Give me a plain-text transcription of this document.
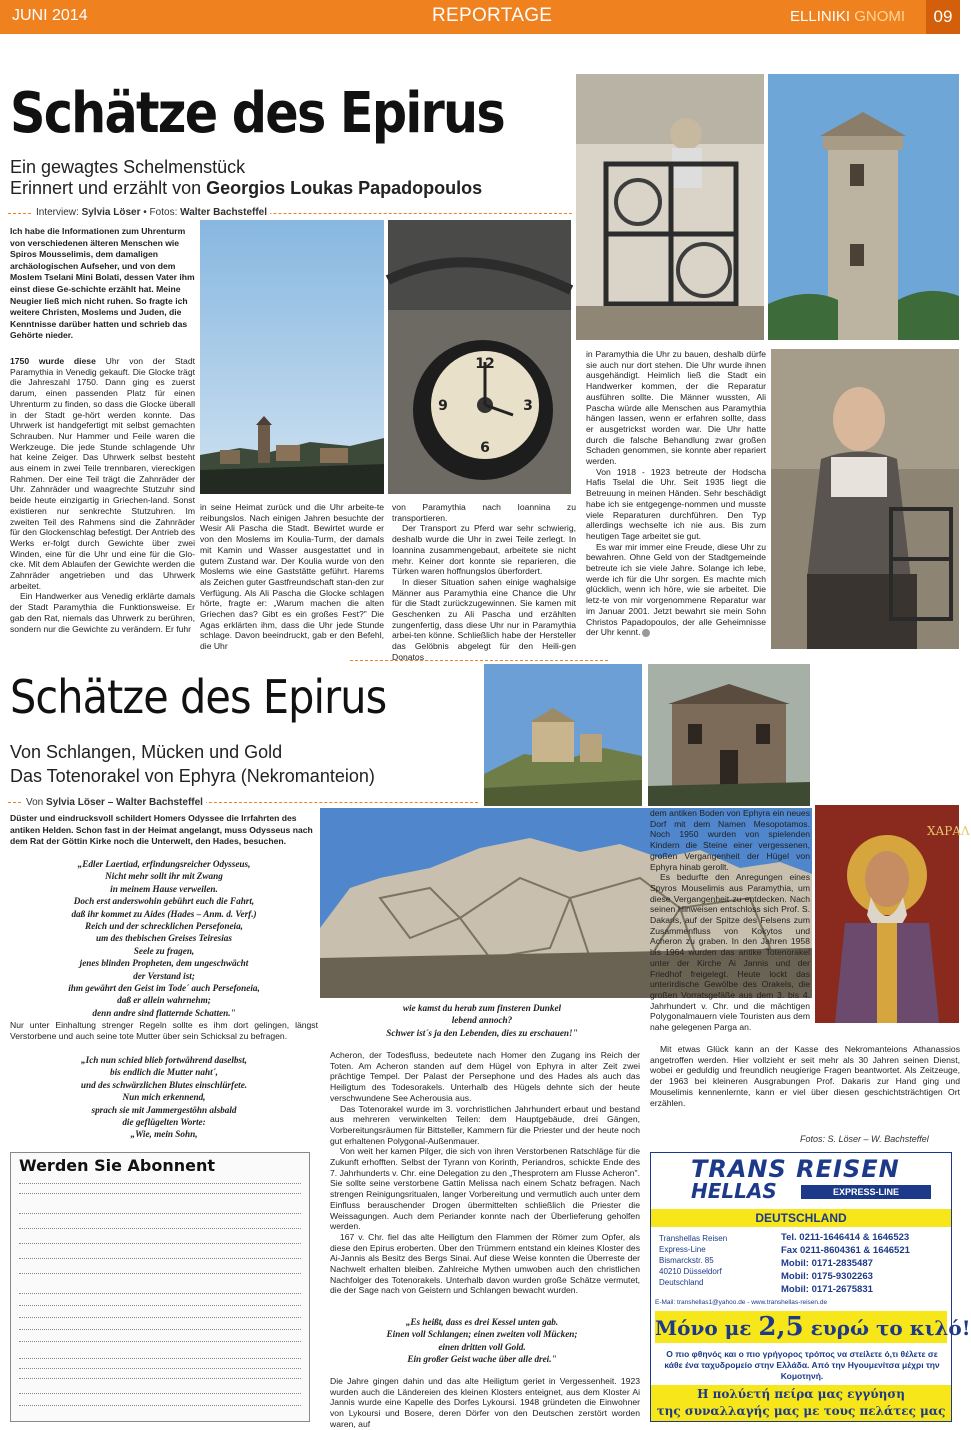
JUNI 2014	REPORTAGE	ELLINIKI GNOMI	09
Schätze des Epirus
Ein gewagtes Schelmenstück
Erinnert und erzählt von Georgios Loukas Papadopoulos
Interview: Sylvia Löser • Fotos: Walter Bachsteffel
Ich habe die Informationen zum Uhrenturm von verschiedenen älteren Menschen wie Spiros Mousselimis, dem damaligen archäologischen Aufseher, und von dem Moslem Tselani Mini Bolati, dessen Vater ihm einst diese Ge-schichte erzählt hat. Meine Neugier ließ mich nicht ruhen. So fragte ich weitere Christen, Moslems und Juden, die Kenntnisse darüber hatten und schrieb das Gehörte nieder.

1750 wurde diese Uhr von der Stadt Paramythia in Venedig gekauft. Die Glocke trägt die Jahreszahl 1750. Dann ging es zuerst darum, einen passenden Platz für einen Uhrenturm zu finden, so dass die Glocke überall in der Stadt ge-hört werden konnte. Das Uhrwerk ist handgefertigt mit selbst gemachten Schrauben. Nur Hammer und Feile waren die Werkzeuge. Die jede Stunde schlagende Uhr hat keine Zeiger. Das Uhrwerk selbst besteht aus einem in zwei Teile trennbaren, viereckigen Rahmen. Der eine Teil trägt die Zahnräder der Uhr. Zahnräder und waagrechte Stutzuhr sind beide heute einzigartig in Griechen-land. Sonst existieren nur senkrechte Stutzuhren. Im zweiten Teil des Rahmens sind die Zahnräder für den Glockenschlag befestigt. Der Antrieb des Werks er-folgt durch Gewichte über zwei Winden, eine für die Uhr und eine für die Glo-cke. Mit dem Ablaufen der Gewichte werden die Zahnräder angetrieben und das Uhrwerk arbeitet.

Ein Handwerker aus Venedig erklärte damals der Stadt Paramythia die Funktionsweise. Er gab den Rat, niemals das Uhrwerk zu berühren, sondern nur die Gewichte zu verändern. Er fuhr

12
3
6
9

in seine Heimat zurück und die Uhr arbeite-te reibungslos. Nach einigen Jahren besuchte der Wesir Ali Pascha die Stadt. Bewirtet wurde er von den Moslems im Koulia-Turm, der damals mit Kamin und Wasser ausgestattet und in gutem Zustand war. Der Koulia wurde von den Moslems wie eine Gaststätte geführt. Harems als Zeichen guter Gastfreundschaft stan-den zur Verfügung. Als Ali Pascha die Glocke schlagen hörte, fragte er: „Warum machen die alten Griechen das? Gibt es ein großes Fest?" Die Agas erklärten ihm, dass die Uhr jede Stunde schlage. Davon beeindruckt, gab er den Befehl, die Uhr

von Paramythia nach Ioannina zu transportieren.

Der Transport zu Pferd war sehr schwierig, deshalb wurde die Uhr in zwei Teile zerlegt. In Ioannina zusammengebaut, arbeitete sie nicht mehr. Keiner dort konnte sie reparieren, die Türken waren hoffnungslos überfordert.

In dieser Situation sahen einige waghalsige Männer aus Paramythia eine Chance die Uhr für die Stadt zurückzugewinnen. Sie kamen mit Geschenken zu Ali Pascha und erzählten zungenfertig, dass diese Uhr nur in Paramythia arbei-ten könne. Schließlich habe der Hersteller das Gelöbnis abgelegt für den Heili-gen Donatos

in Paramythia die Uhr zu bauen, deshalb dürfe sie auch nur dort stehen. Die Uhr wurde ihnen ausgehändigt. Heimlich ließ die Stadt ein Handwerker kommen, der die Reparatur ausführen sollte. Die Männer wussten, Ali Pascha würde alle Menschen aus Paramythia hängen lassen, wenn er erfahren sollte, dass er ausgetrickst worden war. Die Uhr hatte durch die falsche Behandlung zwar großen Schaden genommen, sie konnte aber repariert werden.

Von 1918 - 1923 betreute der Hodscha Hafis Tselal die Uhr. Seit 1935 liegt die Betreuung in meinen Händen. Sehr beschädigt habe ich sie entgegenge-nommen und musste viele Reparaturen durchführen. Den Typ allerdings wechselte ich nie aus. Bis zum heutigen Tage arbeitet sie gut.

Es war mir immer eine Freude, diese Uhr zu bewahren. Ohne Geld von der Stadtgemeinde betreute ich sie viele Jahre. Solange ich lebe, werde ich für die Uhr sorgen. Es machte mich glücklich, wenn ich höre, wie sie arbeitet. Die letz-te von mir vorgenommene Reparatur war im Januar 2001. Jetzt bewahrt sie mein Sohn Christos Papadopoulos, der alle Geheimnisse der Uhr kennt.

Schätze des Epirus
Von Schlangen, Mücken und Gold
Das Totenorakel von Ephyra (Nekromanteion)
Von Sylvia Löser – Walter Bachsteffel
Düster und eindrucksvoll schildert Homers Odyssee die Irrfahrten des antiken Helden. Schon fast in der Heimat angelangt, muss Odysseus nach dem Rat der Göttin Kirke noch die Unterwelt, den Hades, besuchen.
„Edler Laertiad, erfindungsreicher Odysseus,
Nicht mehr sollt ihr mit Zwang
in meinem Hause verweilen.
Doch erst anderswohin gebührt euch die Fahrt,
daß ihr kommet zu Aides (Hades – Anm. d. Verf.)
Reich und der schrecklichen Persefoneia,
um des thebischen Greises Teiresias
Seele zu fragen,
jenes blinden Propheten, dem ungeschwächt
der Verstand ist;
ihm gewährt den Geist im Tode´ auch Persefoneia,
daß er allein wahrnehm;
denn andre sind flatternde Schatten."

Nur unter Einhaltung strenger Regeln sollte es ihm dort gelingen, längst Verstorbene und auch seine tote Mutter über sein Schicksal zu befragen.

„Ich nun schied blieb fortwährend daselbst,
bis endlich die Mutter naht´,
und des schwärzlichen Blutes einschlürfete.
Nun mich erkennend,
sprach sie mit Jammergestöhn alsbald
die geflügelten Worte:
„Wie, mein Sohn,
Werden Sie Abonnent
ΧΑΡΑΛ
wie kamst du herab zum finsteren Dunkel
lebend annoch?
Schwer ist´s ja den Lebenden, dies zu erschauen!"

Acheron, der Todesfluss, bedeutete nach Homer den Zugang ins Reich der Toten. Am Acheron standen auf dem Hügel von Ephyra in alter Zeit zwei prächtige Tempel. Der Palast der Persephone und des Hades als auch das Heiligtum des Todesorakels. Unterhalb des Hügels dehnte sich der heute verschwundene See Acherousia aus.

Das Totenorakel wurde im 3. vorchristlichen Jahrhundert erbaut und bestand aus mehreren verwinkelten Teilen: dem Hauptgebäude, drei Gängen, Vorbereitungsräumen für Bittsteller, Kammern für die Priester und der heute noch gut erhaltenen Polygonal-Außenmauer.

Von weit her kamen Pilger, die sich von ihren Verstorbenen Ratschläge für die Zukunft erhofften. Selbst der Tyrann von Korinth, Periandros, schickte Ende des 7. Jahrhunderts v. Chr. eine Delegation zu den „Thesprotern am Flusse Acheron". Sie sollte seine verstorbene Gattin Melissa nach einem Schatz befragen. Nach strengen Reinigungsritualen, langer Vorbereitung und vermutlich auch unter dem Einfluss berauschender Drogen übermittelten schließlich die Priester die Weissagungen. Auch dem Periander konnte nach der Überlieferung geholfen werden.

167 v. Chr. fiel das alte Heiligtum den Flammen der Römer zum Opfer, als diese den Epirus eroberten. Über den Trümmern entstand ein kleines Kloster des Ai-Jannis als Besitz des Bergs Sinai. Auf diese Weise konnten die Überreste der Nachwelt erhalten bleiben. Zahlreiche Mythen umwoben auch den christlichen Nachfolger des Totenorakels. Unterhalb davon wurden große Schätze vermutet, die der Sage nach von Geistern und Schlangen bewacht wurden.

„Es heißt, dass es drei Kessel unten gab.
Einen voll Schlangen; einen zweiten voll Mücken;
einen dritten voll Gold.
Ein großer Geist wache über alle drei."

Die Jahre gingen dahin und das alte Heiligtum geriet in Vergessenheit. 1923 wurden auch die Ländereien des kleinen Klosters enteignet, aus dem Kloster Ai Jannis wurde eine Kapelle des Dorfes Lykoursi. 1948 gründeten die Einwohner von Lykoursi und Bosere, deren Dörfer von den Deutschen zerstört worden waren, auf

dem antiken Boden von Ephyra ein neues Dorf mit dem Namen Mesopotamos. Noch 1950 wurden von spielenden Kindern die Steine einer vergessenen, großen Vergangenheit der Hügel von Ephyra hinab gerollt.

Es bedurfte den Anregungen eines Spyros Mouselimis aus Paramythia, um diese Vergangenheit zu entdecken. Nach seinen Hinweisen entschloss sich Prof. S. Dakaris, auf der Spitze des Felsens zum Zusammenfluss von Kokytos und Acheron zu graben. In den Jahren 1958 bis 1964 wurden das antike Totenorakel unter der Kirche Ai Jannis und der Friedhof freigelegt. Heute lockt das unterirdische Gewölbe des Orakels, die großen Vorratsgefäße aus dem 3. bis 4. Jahrhundert v. Chr. und die mächtigen Polygonalmauern viele Touristen aus dem nahe gelegenen Parga an.

Mit etwas Glück kann an der Kasse des Nekromanteions Athanassios angetroffen werden. Hier vollzieht er seit mehr als 30 Jahren seinen Dienst, wobei er geduldig und freundlich neugierige Fragen beantwortet. Als Zeitzeuge, der 1963 bei kleineren Ausgrabungen Prof. Dakaris zur Hand ging und Mouselimis kennenlernte, kann er viel über diesen geschichtsträchtigen Ort erzählen.

Fotos: S. Löser – W. Bachsteffel
TRANS REISEN
HELLAS	EXPRESS-LINE
DEUTSCHLAND
Transhellas Reisen
Express-Line
Bismarckstr. 85
40210 Düsseldorf
Deutschland
Tel. 0211-1646414 & 1646523
Fax 0211-8604361 & 1646521
Mobil: 0171-2835487
Mobil: 0175-9302263
Mobil: 0171-2675831
E-Mail: transhellas1@yahoo.de - www.transhellas-reisen.de
Μόνο με 2,5 ευρώ το κιλό!
Ο πιο φθηνός και ο πιο γρήγορος τρόπος να στείλετε ό,τι θέλετε σε κάθε ένα ταχυδρομείο στην Ελλάδα. Από την Ηγουμενίτσα μέχρι την Κομοτηνή.
Η πολύετή πείρα μας εγγύηση
της συναλλαγής μας με τους πελάτες μας
